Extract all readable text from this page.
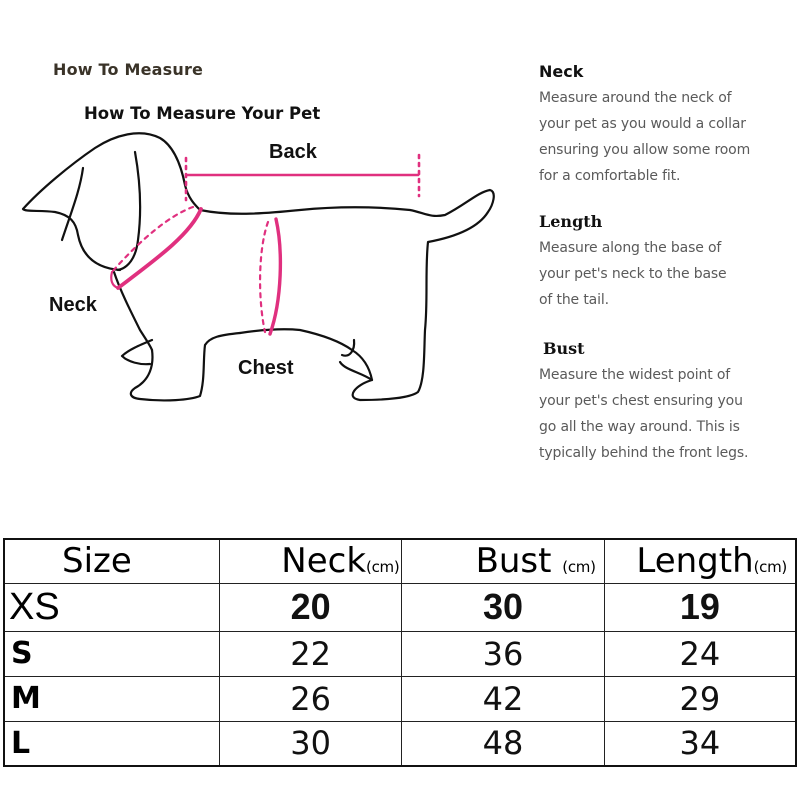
How To Measure
How To Measure Your Pet
Back
Neck
Chest
Neck

Measure around the neck of

your pet as you would a collar

ensuring you allow some room

for a comfortable fit.

Length

Measure along the base of

your pet's neck to the base

of the tail.

Bust

Measure the widest point of

your pet's chest ensuring you

go all the way around. This is

typically behind the front legs.

Size	Neck(cm)	Bust (cm)	Length(cm)
XS	20	30	19
S	22	36	24
M	26	42	29
L	30	48	34
